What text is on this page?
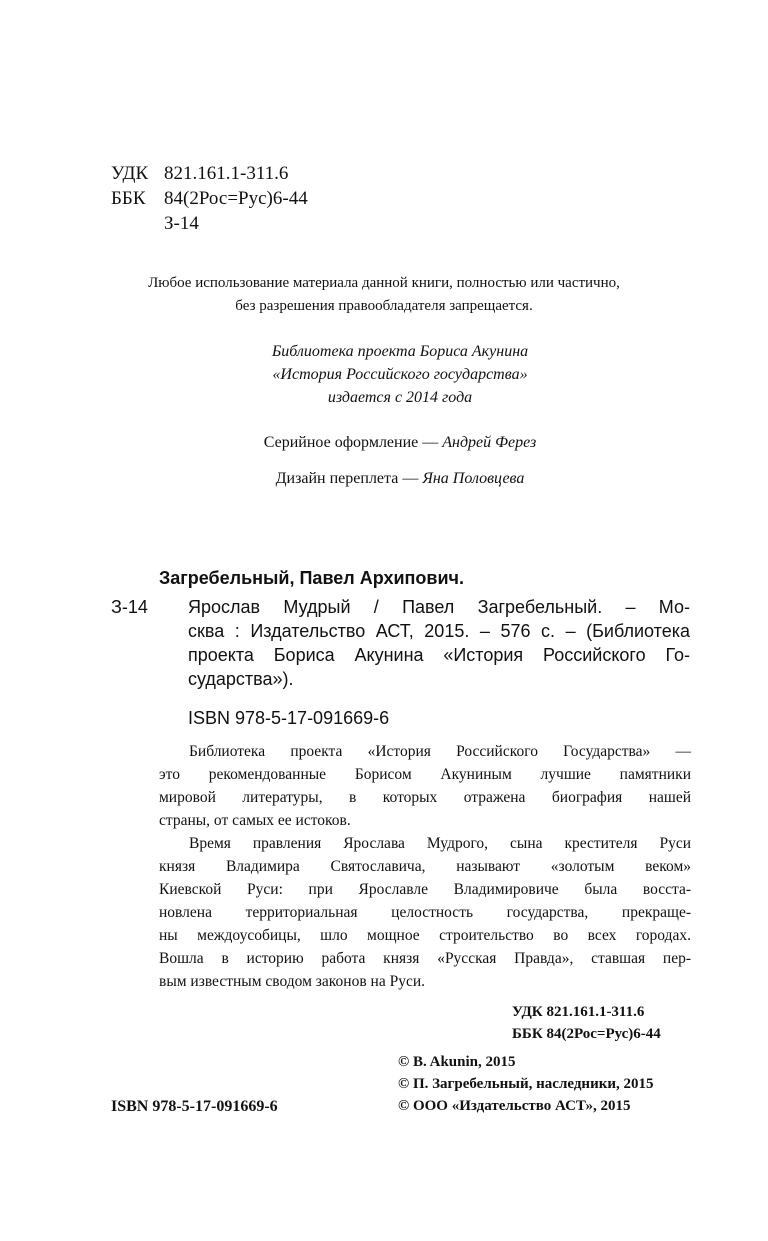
УДК 821.161.1-311.6
ББК 84(2Рос=Рус)6-44
З-14
Любое использование материала данной книги, полностью или частично,
без разрешения правообладателя запрещается.
Библиотека проекта Бориса Акунина
«История Российского государства»
издается с 2014 года
Серийное оформление — Андрей Ферез
Дизайн переплета — Яна Половцева
Загребельный, Павел Архипович.
З-14 Ярослав Мудрый / Павел Загребельный. – Мо-
сква : Издательство АСТ, 2015. – 576 с. – (Библиотека
проекта Бориса Акунина «История Российского Го-
сударства»).
ISBN 978-5-17-091669-6
Библиотека проекта «История Российского Государства» —
это рекомендованные Борисом Акуниным лучшие памятники
мировой литературы, в которых отражена биография нашей
страны, от самых ее истоков.
Время правления Ярослава Мудрого, сына крестителя Руси
князя Владимира Святославича, называют «золотым веком»
Киевской Руси: при Ярославле Владимировиче была восста-
новлена территориальная целостность государства, прекраще-
ны междоусобицы, шло мощное строительство во всех городах.
Вошла в историю работа князя «Русская Правда», ставшая пер-
вым известным сводом законов на Руси.
УДК 821.161.1-311.6
ББК 84(2Рос=Рус)6-44
ISBN 978-5-17-091669-6
© B. Akunin, 2015
© П. Загребельный, наследники, 2015
© ООО «Издательство АСТ», 2015
